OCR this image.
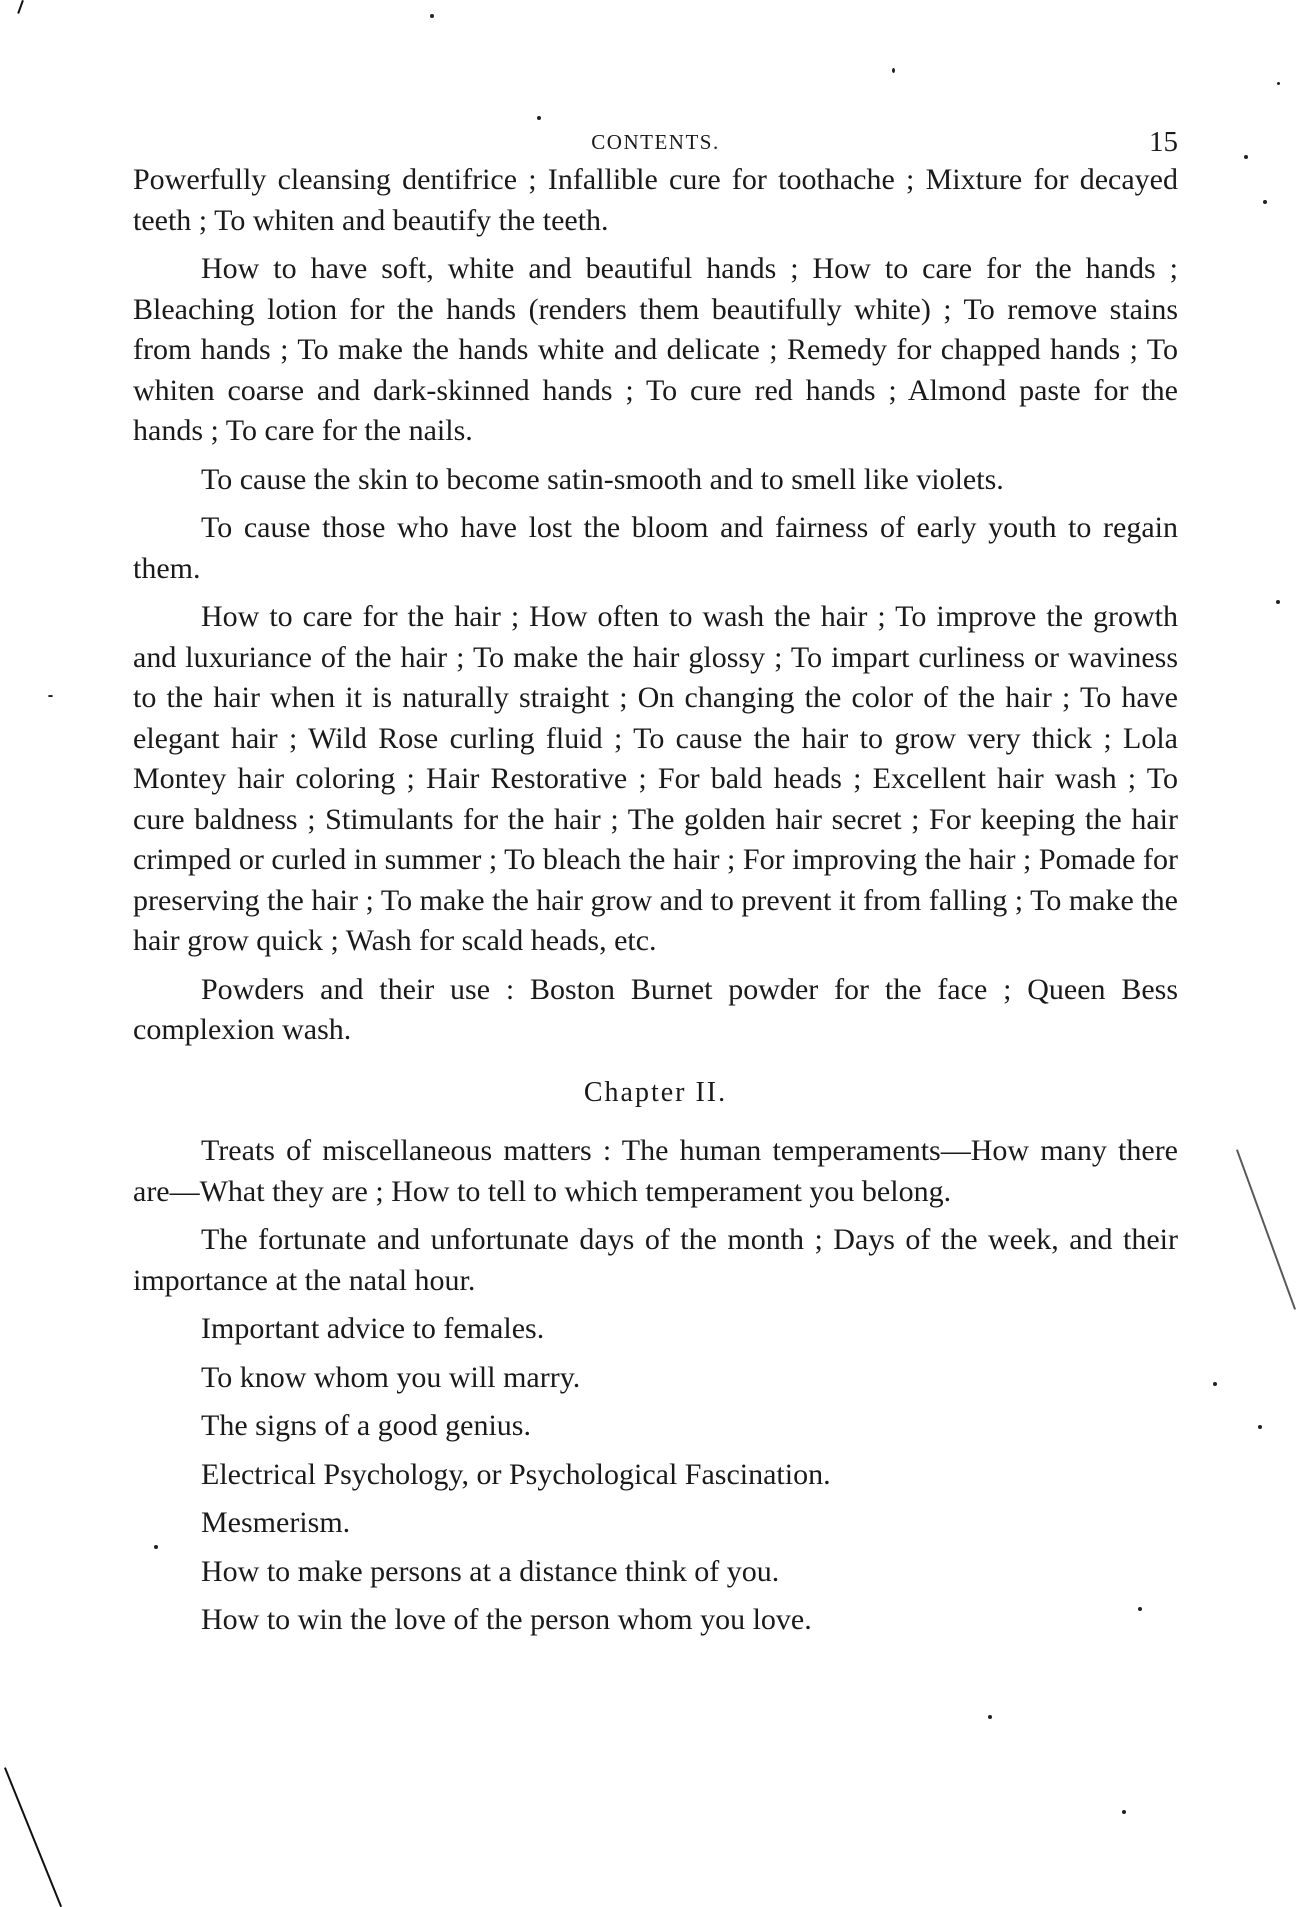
CONTENTS.	15

Powerfully cleansing dentifrice ; Infallible cure for toothache ; Mixture for decayed teeth ; To whiten and beautify the teeth.

How to have soft, white and beautiful hands ; How to care for the hands ; Bleaching lotion for the hands (renders them beautifully white) ; To remove stains from hands ; To make the hands white and delicate ; Remedy for chapped hands ; To whiten coarse and dark-skinned hands ; To cure red hands ; Almond paste for the hands ; To care for the nails.

To cause the skin to become satin-smooth and to smell like violets.

To cause those who have lost the bloom and fairness of early youth to regain them.

How to care for the hair ; How often to wash the hair ; To improve the growth and luxuriance of the hair ; To make the hair glossy ; To impart curliness or waviness to the hair when it is naturally straight ; On changing the color of the hair ; To have elegant hair ; Wild Rose curling fluid ; To cause the hair to grow very thick ; Lola Montey hair coloring ; Hair Restorative ; For bald heads ; Excellent hair wash ; To cure baldness ; Stimulants for the hair ; The golden hair secret ; For keeping the hair crimped or curled in summer ; To bleach the hair ; For improving the hair ; Pomade for preserving the hair ; To make the hair grow and to prevent it from falling ; To make the hair grow quick ; Wash for scald heads, etc.

Powders and their use : Boston Burnet powder for the face ; Queen Bess complexion wash.

Chapter II.

Treats of miscellaneous matters : The human temperaments—How many there are—What they are ; How to tell to which temperament you belong.

The fortunate and unfortunate days of the month ; Days of the week, and their importance at the natal hour.

Important advice to females.

To know whom you will marry.

The signs of a good genius.

Electrical Psychology, or Psychological Fascination.

Mesmerism.

How to make persons at a distance think of you.

How to win the love of the person whom you love.
